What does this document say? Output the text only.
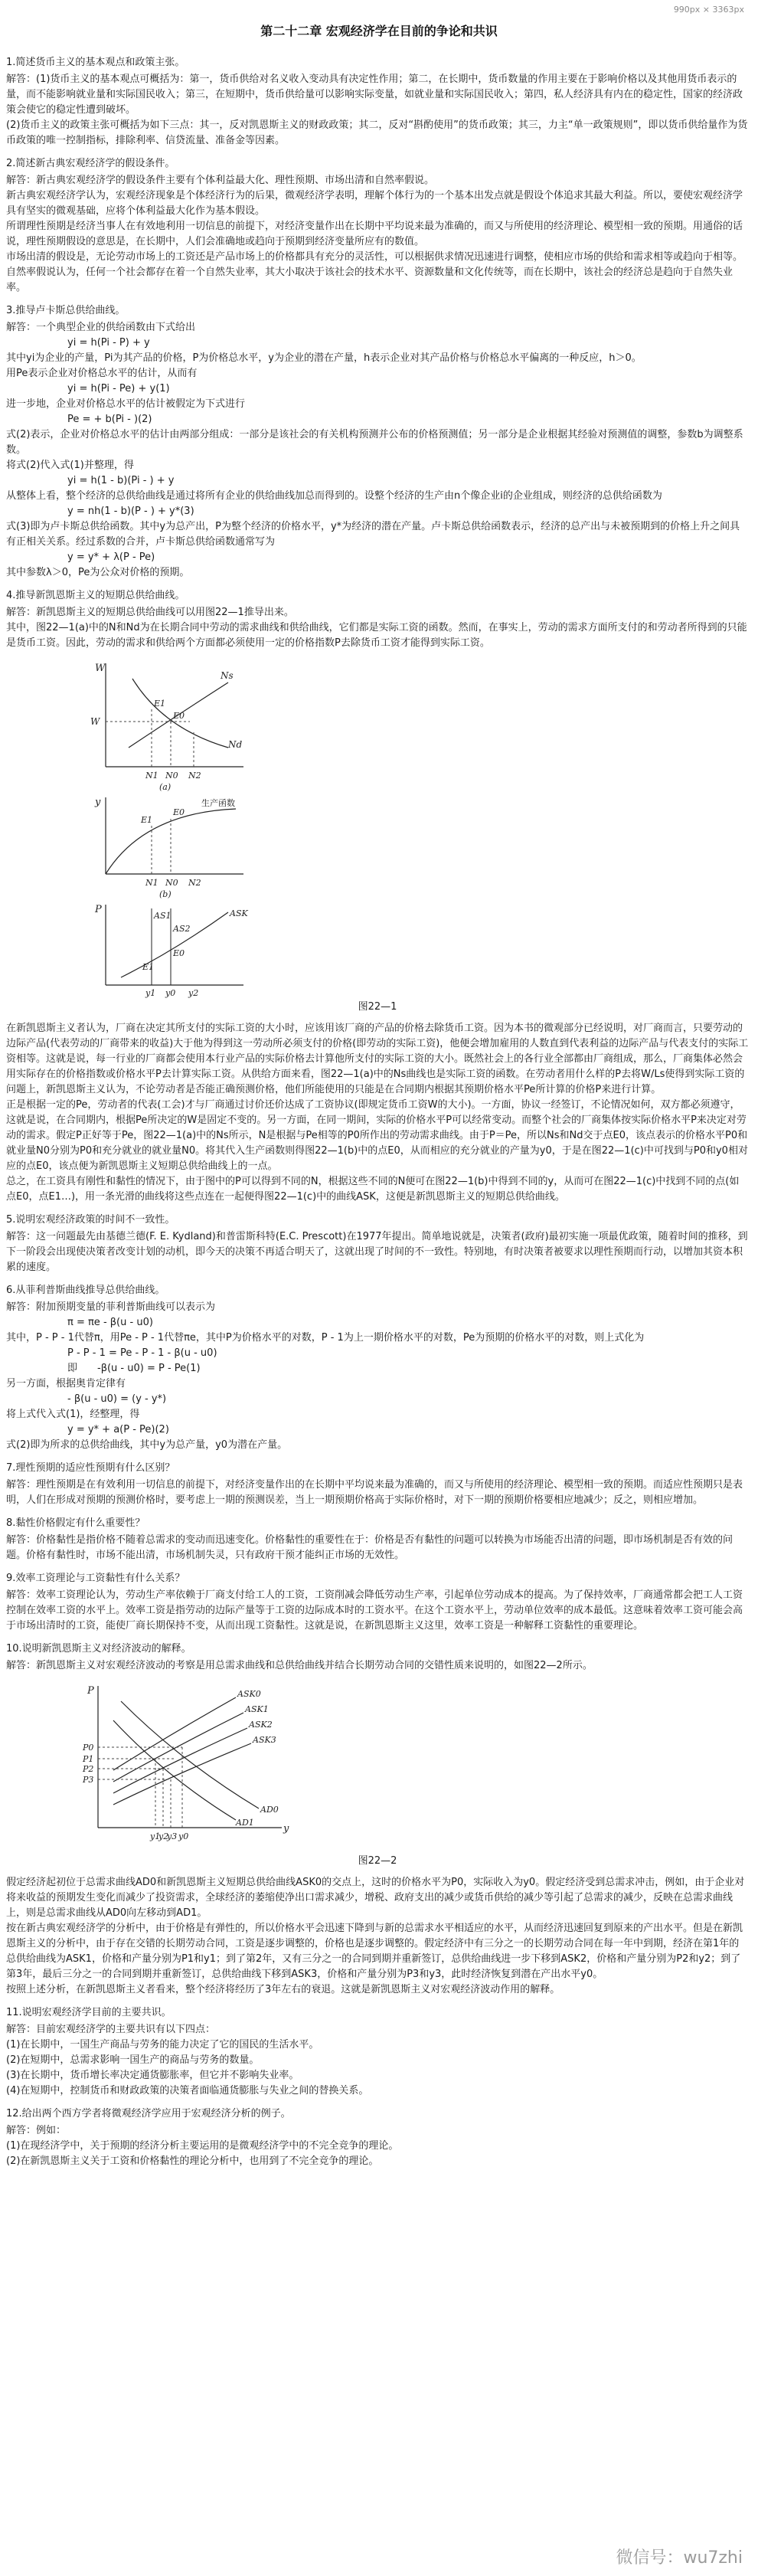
990px × 3363px
第二十二章 宏观经济学在目前的争论和共识
1.简述货币主义的基本观点和政策主张。

解答：(1)货币主义的基本观点可概括为：第一，货币供给对名义收入变动具有决定性作用；第二，在长期中，货币数量的作用主要在于影响价格以及其他用货币表示的量，而不能影响就业量和实际国民收入；第三，在短期中，货币供给量可以影响实际变量，如就业量和实际国民收入；第四，私人经济具有内在的稳定性，国家的经济政策会使它的稳定性遭到破坏。

(2)货币主义的政策主张可概括为如下三点：其一，反对凯恩斯主义的财政政策；其二，反对“斟酌使用”的货币政策；其三，力主“单一政策规则”，即以货币供给量作为货币政策的唯一控制指标，排除利率、信贷流量、准备金等因素。

2.简述新古典宏观经济学的假设条件。

解答：新古典宏观经济学的假设条件主要有个体利益最大化、理性预期、市场出清和自然率假说。

新古典宏观经济学认为，宏观经济现象是个体经济行为的后果，微观经济学表明，理解个体行为的一个基本出发点就是假设个体追求其最大利益。所以，要使宏观经济学具有坚实的微观基础，应将个体利益最大化作为基本假设。

所谓理性预期是经济当事人在有效地利用一切信息的前提下，对经济变量作出在长期中平均说来最为准确的，而又与所使用的经济理论、模型相一致的预期。用通俗的话说，理性预期假设的意思是，在长期中，人们会准确地或趋向于预期到经济变量所应有的数值。

市场出清的假设是，无论劳动市场上的工资还是产品市场上的价格都具有充分的灵活性，可以根据供求情况迅速进行调整，使相应市场的供给和需求相等或趋向于相等。

自然率假说认为，任何一个社会都存在着一个自然失业率，其大小取决于该社会的技术水平、资源数量和文化传统等，而在长期中，该社会的经济总是趋向于自然失业率。

3.推导卢卡斯总供给曲线。

解答：一个典型企业的供给函数由下式给出

yi = h(Pi - P) + y

其中yi为企业的产量，Pi为其产品的价格，P为价格总水平，y为企业的潜在产量，h表示企业对其产品价格与价格总水平偏离的一种反应，h＞0。

用Pe表示企业对价格总水平的估计，从而有

yi = h(Pi - Pe) + y(1)

进一步地，企业对价格总水平的估计被假定为下式进行

Pe = + b(Pi - )(2)

式(2)表示，企业对价格总水平的估计由两部分组成：一部分是该社会的有关机构预测并公布的价格预测值；另一部分是企业根据其经验对预测值的调整，参数b为调整系数。

将式(2)代入式(1)并整理，得

yi = h(1 - b)(Pi - ) + y

从整体上看，整个经济的总供给曲线是通过将所有企业的供给曲线加总而得到的。设整个经济的生产由n个像企业i的企业组成，则经济的总供给函数为

y = nh(1 - b)(P - ) + y*(3)

式(3)即为卢卡斯总供给函数。其中y为总产出，P为整个经济的价格水平，y*为经济的潜在产量。卢卡斯总供给函数表示，经济的总产出与未被预期到的价格上升之间具有正相关关系。经过系数的合并，卢卡斯总供给函数通常写为

y = y* + λ(P - Pe)

其中参数λ＞0，Pe为公众对价格的预期。

4.推导新凯恩斯主义的短期总供给曲线。

解答：新凯恩斯主义的短期总供给曲线可以用图22—1推导出来。

其中，图22—1(a)中的N和Nd为在长期合同中劳动的需求曲线和供给曲线，它们都是实际工资的函数。然而，在事实上，劳动的需求方面所支付的和劳动者所得到的只能是货币工资。因此，劳动的需求和供给两个方面都必须使用一定的价格指数P去除货币工资才能得到实际工资。

W
Ns
Nd
E0
E1
W
N1 N0 N2
(a)
y	生产函数
E0
E1
N1 N0 N2
(b)
P	ASK
AS1
AS2
E0
E1
y1 y0 y2
图22—1

在新凯恩斯主义者认为，厂商在决定其所支付的实际工资的大小时，应该用该厂商的产品的价格去除货币工资。因为本书的微观部分已经说明，对厂商而言，只要劳动的边际产品(代表劳动的厂商带来的收益)大于他为得到这一劳动所必须支付的价格(即劳动的实际工资)，他便会增加雇用的人数直到代表利益的边际产品与代表支付的实际工资相等。这就是说，每一行业的厂商都会使用本行业产品的实际价格去计算他所支付的实际工资的大小。既然社会上的各行业全部都由厂商组成，那么，厂商集体必然会用实际存在的价格指数或价格水平P去计算实际工资。从供给方面来看，图22—1(a)中的Ns曲线也是实际工资的函数。在劳动者用什么样的P去将W/Ls使得到实际工资的问题上，新凯恩斯主义认为，不论劳动者是否能正确预测价格，他们所能使用的只能是在合同期内根据其预期价格水平Pe所计算的价格P来进行计算。

正是根据一定的Pe，劳动者的代表(工会)才与厂商通过讨价还价达成了工资协议(即规定货币工资W的大小)。一方面，协议一经签订，不论情况如何，双方都必须遵守，这就是说，在合同期内，根据Pe所决定的W是固定不变的。另一方面，在同一期间，实际的价格水平P可以经常变动。而整个社会的厂商集体按实际价格水平P来决定对劳动的需求。假定P正好等于Pe，图22—1(a)中的Ns所示，N是根据与Pe相等的P0所作出的劳动需求曲线。由于P＝Pe，所以Ns和Nd交于点E0，该点表示的价格水平P0和就业量N0分别为P0和充分就业的就业量N0。将其代入生产函数则得图22—1(b)中的点E0，从而相应的充分就业的产量为y0，于是在图22—1(c)中可找到与P0和y0相对应的点E0，该点便为新凯恩斯主义短期总供给曲线上的一点。

总之，在工资具有刚性和黏性的情况下，由于图中的P可以得到不同的N，根据这些不同的N便可在图22—1(b)中得到不同的y，从而可在图22—1(c)中找到不同的点(如点E0，点E1…)，用一条光滑的曲线将这些点连在一起便得图22—1(c)中的曲线ASK，这便是新凯恩斯主义的短期总供给曲线。

5.说明宏观经济政策的时间不一致性。

解答：这一问题最先由基德兰德(F. E. Kydland)和普雷斯科特(E.C. Prescott)在1977年提出。简单地说就是，决策者(政府)最初实施一项最优政策，随着时间的推移，到下一阶段会出现使决策者改变计划的动机，即今天的决策不再适合明天了，这就出现了时间的不一致性。特别地，有时决策者被要求以理性预期而行动，以增加其资本积累的速度。

6.从菲利普斯曲线推导总供给曲线。

解答：附加预期变量的菲利普斯曲线可以表示为

π = πe - β(u - u0)

其中，P - P - 1代替π，用Pe - P - 1代替πe，其中P为价格水平的对数，P - 1为上一期价格水平的对数，Pe为预期的价格水平的对数，则上式化为

P - P - 1 = Pe - P - 1 - β(u - u0)

即　　-β(u - u0) = P - Pe(1)

另一方面，根据奥肯定律有

- β(u - u0) = (y - y*)

将上式代入式(1)，经整理，得

y = y* + a(P - Pe)(2)

式(2)即为所求的总供给曲线，其中y为总产量，y0为潜在产量。

7.理性预期的适应性预期有什么区别？

解答：理性预期是在有效利用一切信息的前提下，对经济变量作出的在长期中平均说来最为准确的，而又与所使用的经济理论、模型相一致的预期。而适应性预期只是表明，人们在形成对预期的预测价格时，要考虑上一期的预测误差，当上一期预期价格高于实际价格时，对下一期的预期价格要相应地减少；反之，则相应增加。

8.黏性价格假定有什么重要性？

解答：价格黏性是指价格不随着总需求的变动而迅速变化。价格黏性的重要性在于：价格是否有黏性的问题可以转换为市场能否出清的问题，即市场机制是否有效的问题。价格有黏性时，市场不能出清，市场机制失灵，只有政府干预才能纠正市场的无效性。

9.效率工资理论与工资黏性有什么关系？

解答：效率工资理论认为，劳动生产率依赖于厂商支付给工人的工资，工资削减会降低劳动生产率，引起单位劳动成本的提高。为了保持效率，厂商通常都会把工人工资控制在效率工资的水平上。效率工资是指劳动的边际产量等于工资的边际成本时的工资水平。在这个工资水平上，劳动单位效率的成本最低。这意味着效率工资可能会高于市场出清时的工资，能使厂商长期保持不变，从而出现工资黏性。这就是说，在新凯恩斯主义这里，效率工资是一种解释工资黏性的重要理论。

10.说明新凯恩斯主义对经济波动的解释。

解答：新凯恩斯主义对宏观经济波动的考察是用总需求曲线和总供给曲线并结合长期劳动合同的交错性质来说明的，如图22—2所示。

P	ASK0
ASK1
ASK2
ASK3
AD0
AD1
P0
P1
P2
P3
y1
y2
y3 y0
y
图22—2

假定经济起初位于总需求曲线AD0和新凯恩斯主义短期总供给曲线ASK0的交点上，这时的价格水平为P0，实际收入为y0。假定经济受到总需求冲击，例如，由于企业对将来收益的预期发生变化而减少了投资需求，全球经济的萎缩使净出口需求减少，增税、政府支出的减少或货币供给的减少等引起了总需求的减少，反映在总需求曲线上，则是总需求曲线从AD0向左移动到AD1。

按在新古典宏观经济学的分析中，由于价格是有弹性的，所以价格水平会迅速下降到与新的总需求水平相适应的水平，从而经济迅速回复到原来的产出水平。但是在新凯恩斯主义的分析中，由于存在交错的长期劳动合同，工资是逐步调整的，价格也是逐步调整的。假定经济中有三分之一的长期劳动合同在每一年中到期，经济在第1年的总供给曲线为ASK1，价格和产量分别为P1和y1；到了第2年，又有三分之一的合同到期并重新签订，总供给曲线进一步下移到ASK2，价格和产量分别为P2和y2；到了第3年，最后三分之一的合同到期并重新签订，总供给曲线下移到ASK3，价格和产量分别为P3和y3，此时经济恢复到潜在产出水平y0。

按照上述分析，在新凯恩斯主义者看来，整个经济将经历了3年左右的衰退。这就是新凯恩斯主义对宏观经济波动作用的解释。

11.说明宏观经济学目前的主要共识。

解答：目前宏观经济学的主要共识有以下四点：

(1)在长期中，一国生产商品与劳务的能力决定了它的国民的生活水平。

(2)在短期中，总需求影响一国生产的商品与劳务的数量。

(3)在长期中，货币增长率决定通货膨胀率，但它并不影响失业率。

(4)在短期中，控制货币和财政政策的决策者面临通货膨胀与失业之间的替换关系。

12.给出两个西方学者将微观经济学应用于宏观经济分析的例子。

解答：例如：

(1)在现经济学中，关于预期的经济分析主要运用的是微观经济学中的不完全竞争的理论。

(2)在新凯恩斯主义关于工资和价格黏性的理论分析中，也用到了不完全竞争的理论。

微信号：wu7zhi
